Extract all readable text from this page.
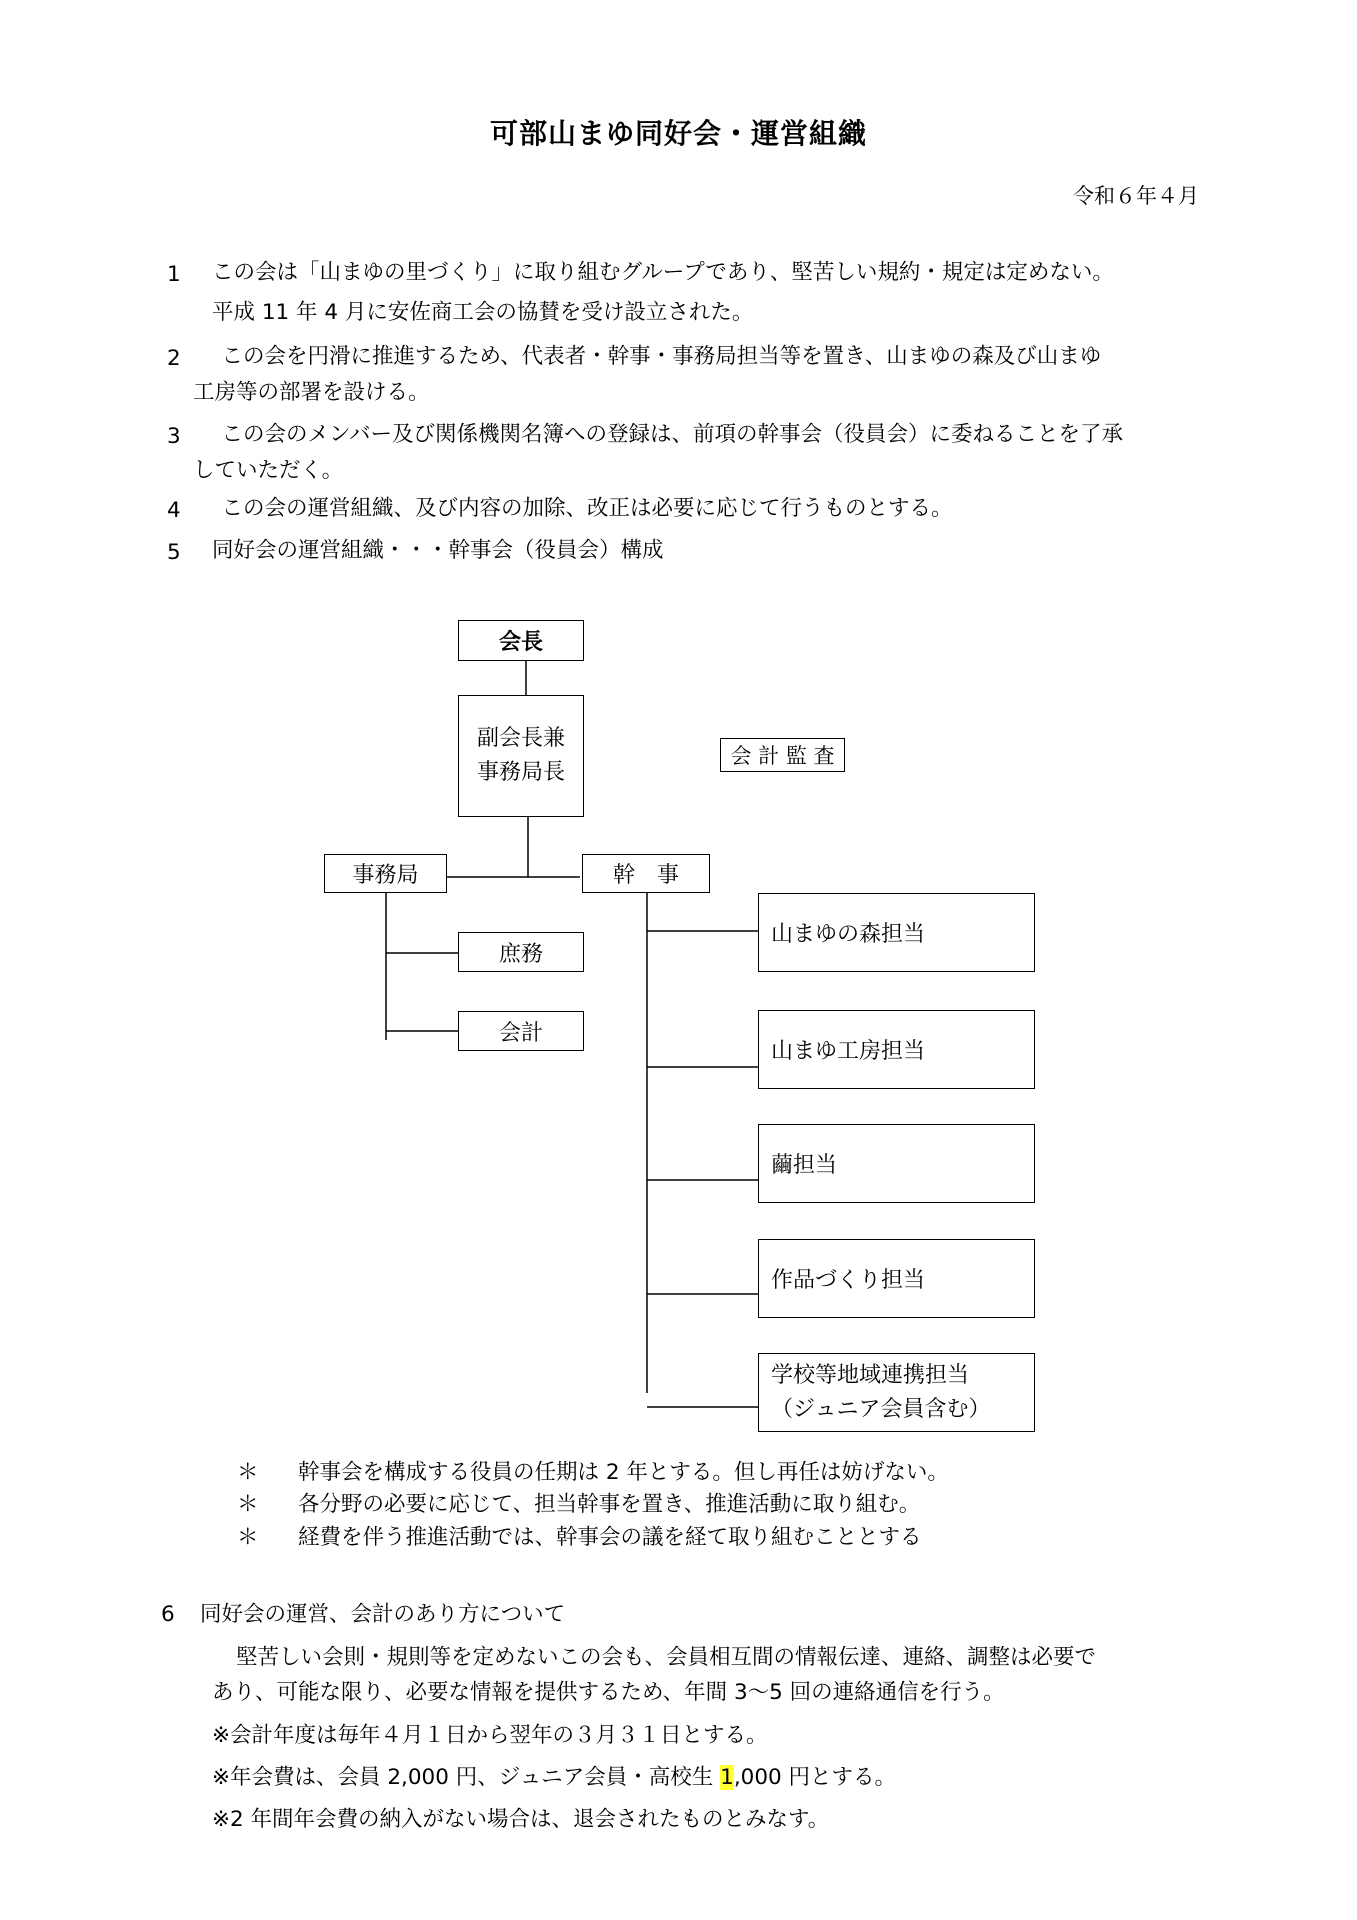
可部山まゆ同好会・運営組織
令和６年４月
1 この会は「山まゆの里づくり」に取り組むグループであり、堅苦しい規約・規定は定めない。
平成 11 年 4 月に安佐商工会の協賛を受け設立された。
2 　この会を円滑に推進するため、代表者・幹事・事務局担当等を置き、山まゆの森及び山まゆ
工房等の部署を設ける。
3 　この会のメンバー及び関係機関名簿への登録は、前項の幹事会（役員会）に委ねることを了承
していただく。
4 　この会の運営組織、及び内容の加除、改正は必要に応じて行うものとする。
5 同好会の運営組織・・・幹事会（役員会）構成
会長
副会長兼
事務局長
会 計 監 査
事務局	幹　事
庶務
会計
山まゆの森担当
山まゆ工房担当
繭担当
作品づくり担当
学校等地域連携担当
（ジュニア会員含む）
＊ 幹事会を構成する役員の任期は 2 年とする。但し再任は妨げない。
＊ 各分野の必要に応じて、担当幹事を置き、推進活動に取り組む。
＊ 経費を伴う推進活動では、幹事会の議を経て取り組むこととする
6 同好会の運営、会計のあり方について
堅苦しい会則・規則等を定めないこの会も、会員相互間の情報伝達、連絡、調整は必要で
あり、可能な限り、必要な情報を提供するため、年間 3～5 回の連絡通信を行う。
※会計年度は毎年４月１日から翌年の３月３１日とする。
※年会費は、会員 2,000 円、ジュニア会員・高校生 1,000 円とする。
※2 年間年会費の納入がない場合は、退会されたものとみなす。
